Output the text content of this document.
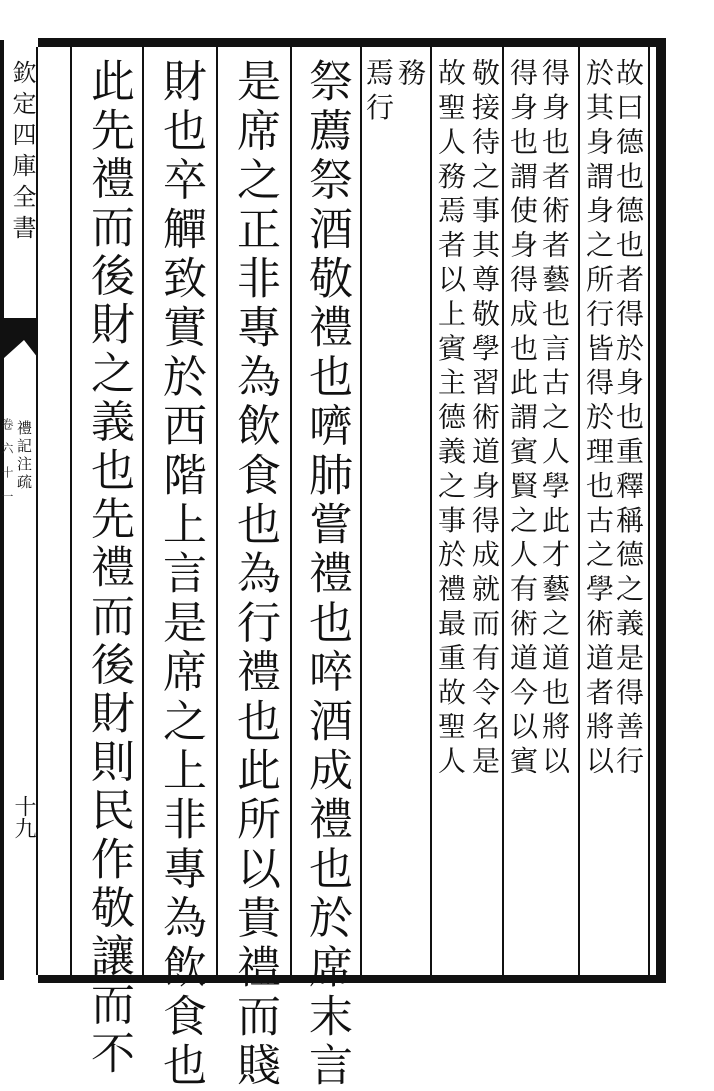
欽定四庫全書
禮記注疏
卷六十一
十九
故曰德也德也者得於身也重釋稱德之義是得善行
於其身謂身之所行皆得於理也古之學術道者將以
得身也者術者藝也言古之人學此才藝之道也將以
得身也謂使身得成也此謂賓賢之人有術道今以賓
敬接待之事其尊敬學習術道身得成就而有令名是
故聖人務焉者以上賓主德義之事於禮最重故聖人
務
焉行
祭薦祭酒敬禮也嚌肺嘗禮也啐酒成禮也於席末言
是席之正非專為飲食也為行禮也此所以貴禮而賤
財也卒觶致實於西階上言是席之上非專為飲食也
此先禮而後財之義也先禮而後財則民作敬讓而不
